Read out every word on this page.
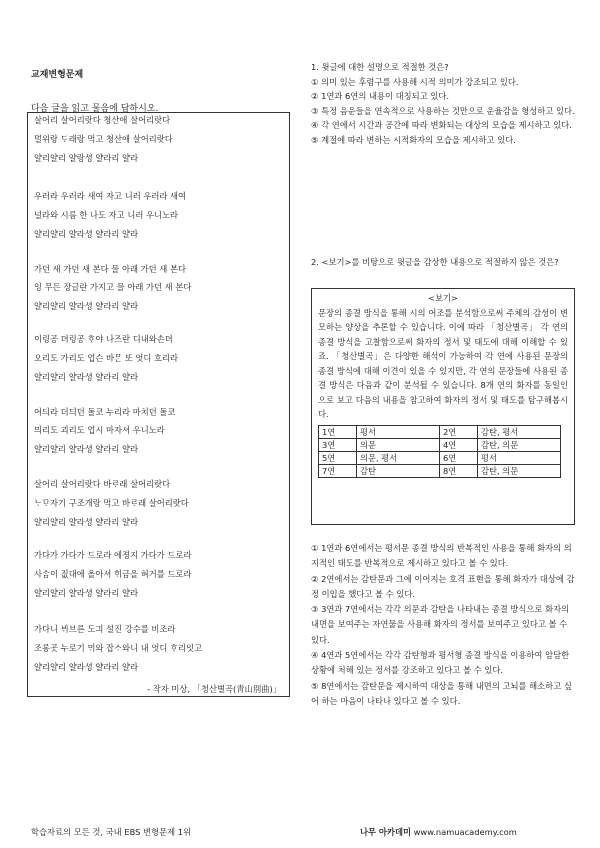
교재변형문제
다음 글을 읽고 물음에 답하시오.
살어리 살어리랏다 쳥산애 살어리랏다
멀위랑 ᄃᆞ래랑 먹고 쳥산애 살어리랏다
얄리얄리 얄랑셩 얄라리 얄라
우러라 우러라 새여 자고 니러 우러라 새여
널라와 시름 한 나도 자고 니러 우니노라
얄리얄리 얄라셩 얄라리 얄라
가던 새 가던 새 본다 믈 아래 가던 새 본다
잉 무든 장글란 가지고 믈 아래 가던 새 본다
얄리얄리 얄라셩 얄라리 얄라
이링공 뎌링공 ᄒᆞ야 나즈란 디내와손뎌
오리도 가리도 업슨 바ᄆᆞᆫ 또 엇디 호리라
얄리얄리 얄라셩 얄라리 얄라
어듸라 더듸던 돌코 누리라 마치던 돌코
믜리도 괴리도 업시 마자셔 우니노라
얄리얄리 얄라셩 얄라리 얄라
살어리 살어리랏다 바ᄅᆞ래 살어리랏다
ᄂᆞᄆᆞ자기 구조개랑 먹고 바ᄅᆞ래 살어리랏다
얄리얄리 얄라셩 얄라리 얄라
가다가 가다가 드로라 에졍지 가다가 드로라
사ᄉᆞᆷ이 짒대에 올아셔 ᄒᆡ금을 혀거를 드로라
얄리얄리 얄라셩 얄라리 얄라
가다니 ᄇᆡ브른 도긔 설진 강수를 비조라
조롱곳 누로기 ᄆᆡ와 잡ᄉᆞ와니 내 엇디 ᄒᆞ리잇고
얄리얄리 얄라셩 얄라리 얄라
- 작자 미상, 「청산별곡(靑山別曲)」

1. 윗글에 대한 설명으로 적절한 것은?

① 의미 있는 후렴구를 사용해 시적 의미가 강조되고 있다.

② 1연과 6연의 내용이 대칭되고 있다.

③ 특정 음운들을 연속적으로 사용하는 것만으로 운율감을 형성하고 있다.

④ 각 연에서 시간과 공간에 따라 변화되는 대상의 모습을 제시하고 있다.

⑤ 계절에 따라 변하는 시적화자의 모습을 제시하고 있다.

2. <보기>를 비탕으로 윗글을 감상한 내용으로 적절하지 않은 것은?

<보기>

문장의 종결 방식을 통해 시의 어조를 분석함으로써 주체의 감성이 변모하는 양상을 추론할 수 있습니다. 이에 따라 「청산별곡」 각 연의 종결 방식을 고찰함으로써 화자의 정서 및 태도에 대해 이해할 수 있죠. 「청산별곡」은 다양한 해석이 가능하여 각 연에 사용된 문장의 종결 방식에 대해 이견이 있을 수 있지만, 각 연의 문장들에 사용된 종결 방식은 다음과 같이 분석될 수 있습니다. 8개 연의 화자를 동일인으로 보고 다음의 내용을 참고하여 화자의 정서 및 태도를 탐구해봅시다.

1연	평서	2연	감탄, 평서
3연	의문	4연	감탄, 의문
5연	의문, 평서	6연	평서
7연	감탄	8연	감탄, 의문

① 1연과 6연에서는 평서문 종결 방식의 반복적인 사용을 통해 화자의 의지적인 태도를 반복적으로 제시하고 있다고 볼 수 있다.

② 2연에서는 감탄문과 그에 이어지는 호격 표현을 통해 화자가 대상에 감정 이입을 했다고 볼 수 있다.

③ 3연과 7연에서는 각각 의문과 감탄을 나타내는 종결 방식으로 화자의 내면을 보여주는 자연물을 사용해 화자의 정서를 보여주고 있다고 볼 수 있다.

④ 4연과 5연에서는 각각 감탄형과 평서형 종결 방식을 이용하여 암담한 상황에 처해 있는 정서를 강조하고 있다고 볼 수 있다.

⑤ 8연에서는 감탄문을 제시하여 대상을 통해 내면의 고뇌를 해소하고 싶어 하는 마음이 나타나 있다고 볼 수 있다.

학습자료의 모든 것, 국내 EBS 변형문제 1위	나무 아카데미 www.namuacademy.com
